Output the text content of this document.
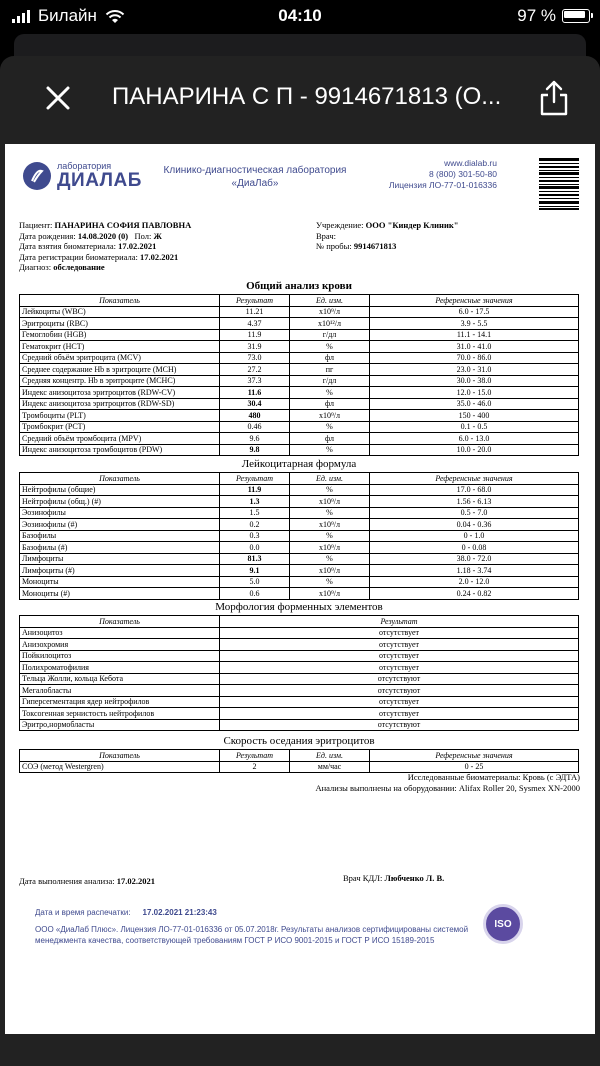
Билайн	04:10	97 %
ПАНАРИНА С П - 9914671813 (О...
лаборатория
ДИАЛАБ	Клинико-диагностическая лаборатория
«ДиаЛаб»
www.dialab.ru
8 (800) 301-50-80
Лицензия ЛО-77-01-016336
Пациент: ПАНАРИНА СОФИЯ ПАВЛОВНА
Дата рождения: 14.08.2020 (0) Пол: Ж
Дата взятия биоматериала: 17.02.2021
Дата регистрации биоматериала: 17.02.2021
Диагноз: обследование
Учреждение: ООО "Киндер Клиник"
Врач:
№ пробы: 9914671813
Общий анализ крови
Показатель	Результат	Ед. изм.	Референсные значения
Лейкоциты (WBC)	11.21	x10⁹/л	6.0 - 17.5
Эритроциты (RBC)	4.37	x10¹²/л	3.9 - 5.5
Гемоглобин (HGB)	11.9	г/дл	11.1 - 14.1
Гематокрит (HCT)	31.9	%	31.0 - 41.0
Средний объём эритроцита (MCV)	73.0	фл	70.0 - 86.0
Среднее содержание Hb в эритроците (MCH)	27.2	пг	23.0 - 31.0
Средняя концентр. Hb в эритроците (MCHC)	37.3	г/дл	30.0 - 38.0
Индекс анизоцитоза эритроцитов (RDW-CV)	11.6	%	12.0 - 15.0
Индекс анизоцитоза эритроцитов (RDW-SD)	30.4	фл	35.0 - 46.0
Тромбоциты (PLT)	480	x10⁹/л	150 - 400
Тромбокрит (PCT)	0.46	%	0.1 - 0.5
Средний объём тромбоцита (MPV)	9.6	фл	6.0 - 13.0
Индекс анизоцитоза тромбоцитов (PDW)	9.8	%	10.0 - 20.0
Лейкоцитарная формула
Показатель	Результат	Ед. изм.	Референсные значения
Нейтрофилы (общие)	11.9	%	17.0 - 68.0
Нейтрофилы (общ.) (#)	1.3	x10⁹/л	1.56 - 6.13
Эозинофилы	1.5	%	0.5 - 7.0
Эозинофилы (#)	0.2	x10⁹/л	0.04 - 0.36
Базофилы	0.3	%	0 - 1.0
Базофилы (#)	0.0	x10⁹/л	0 - 0.08
Лимфоциты	81.3	%	38.0 - 72.0
Лимфоциты (#)	9.1	x10⁹/л	1.18 - 3.74
Моноциты	5.0	%	2.0 - 12.0
Моноциты (#)	0.6	x10⁹/л	0.24 - 0.82
Морфология форменных элементов
Показатель	Результат
Анизоцитоз	отсутствует
Анизохромия	отсутствует
Пойкилоцитоз	отсутствует
Полихроматофилия	отсутствует
Тельца Жолли, кольца Кебота	отсутствуют
Мегалобласты	отсутствуют
Гиперсегментация ядер нейтрофилов	отсутствует
Токсогенная зернистость нейтрофилов	отсутствует
Эритро,нормобласты	отсутствуют
Скорость оседания эритроцитов
Показатель	Результат	Ед. изм.	Референсные значения
СОЭ (метод Westergren)	2	мм/час	0 - 25
Исследованные биоматериалы: Кровь (с ЭДТА)
Анализы выполнены на оборудовании: Alifax Roller 20, Sysmex XN-2000
Дата выполнения анализа: 17.02.2021	Врач КДЛ: Любченко Л. В.
Дата и время распечатки: 17.02.2021 21:23:43
ООО «ДиаЛаб Плюс». Лицензия ЛО-77-01-016336 от 05.07.2018г. Результаты анализов сертифицированы системой менеджмента качества, соответствующей требованиям ГОСТ Р ИСО 9001-2015 и ГОСТ Р ИСО 15189-2015
ISO
